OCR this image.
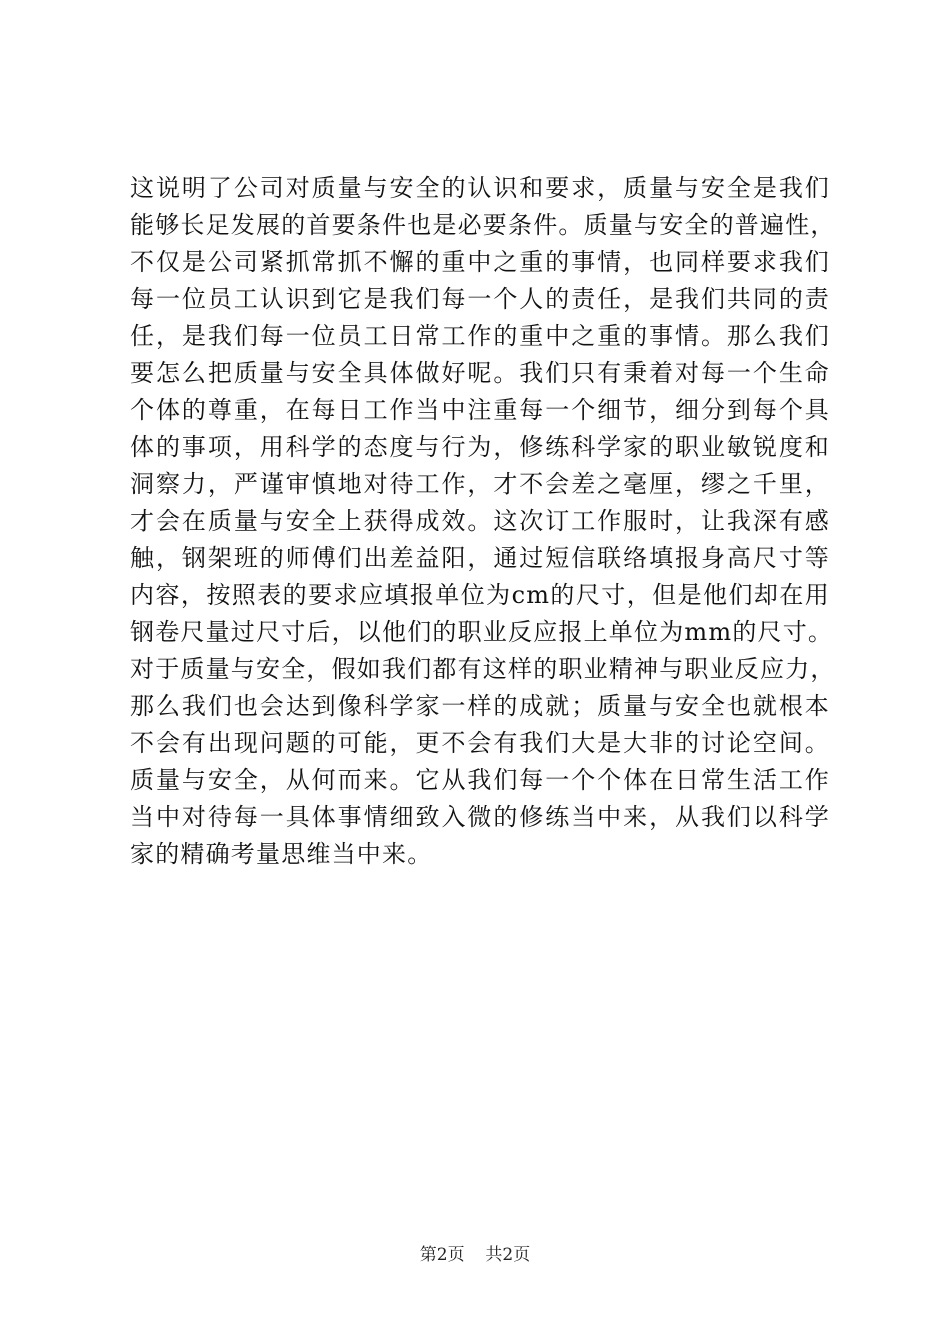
这说明了公司对质量与安全的认识和要求，质量与安全是我们
能够长足发展的首要条件也是必要条件。质量与安全的普遍性，
不仅是公司紧抓常抓不懈的重中之重的事情，也同样要求我们
每一位员工认识到它是我们每一个人的责任，是我们共同的责
任，是我们每一位员工日常工作的重中之重的事情。那么我们
要怎么把质量与安全具体做好呢。我们只有秉着对每一个生命
个体的尊重，在每日工作当中注重每一个细节，细分到每个具
体的事项，用科学的态度与行为，修练科学家的职业敏锐度和
洞察力，严谨审慎地对待工作，才不会差之毫厘，缪之千里，
才会在质量与安全上获得成效。这次订工作服时，让我深有感
触，钢架班的师傅们出差益阳，通过短信联络填报身高尺寸等
内容，按照表的要求应填报单位为cm的尺寸，但是他们却在用
钢卷尺量过尺寸后，以他们的职业反应报上单位为mm的尺寸。
对于质量与安全，假如我们都有这样的职业精神与职业反应力，
那么我们也会达到像科学家一样的成就；质量与安全也就根本
不会有出现问题的可能，更不会有我们大是大非的讨论空间。
质量与安全，从何而来。它从我们每一个个体在日常生活工作
当中对待每一具体事情细致入微的修练当中来，从我们以科学
家的精确考量思维当中来。
第2页 共2页
